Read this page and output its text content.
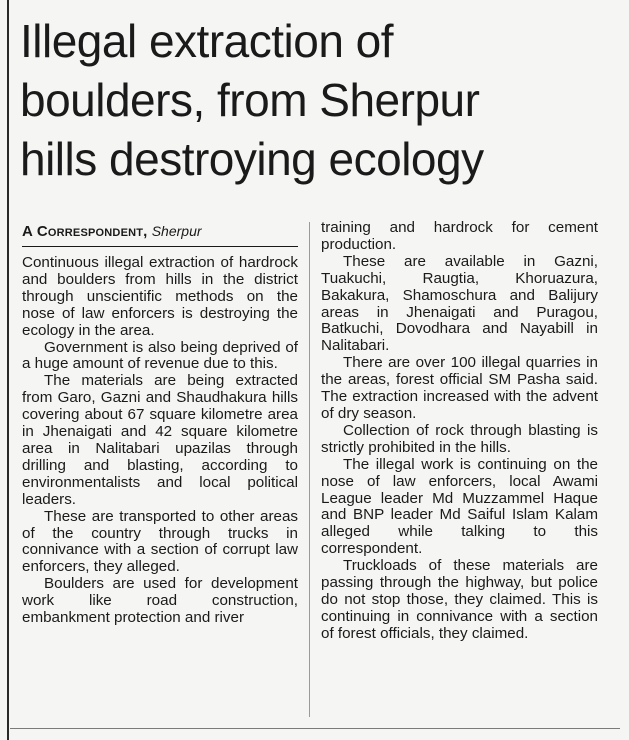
Illegal extraction of
boulders, from Sherpur
hills destroying ecology
A Correspondent, Sherpur

Continuous illegal extraction of hardrock and boulders from hills in the district through unscientific methods on the nose of law enforcers is destroying the ecology in the area.

Government is also being deprived of a huge amount of revenue due to this.

The materials are being extracted from Garo, Gazni and Shaudhakura hills covering about 67 square kilometre area in Jhenaigati and 42 square kilometre area in Nalitabari upazilas through drilling and blasting, according to environmentalists and local political leaders.

These are transported to other areas of the country through trucks in connivance with a section of corrupt law enforcers, they alleged.

Boulders are used for development work like road construction, embankment protection and river

training and hardrock for cement production.

These are available in Gazni, Tuakuchi, Raugtia, Khoruazura, Bakakura, Shamoschura and Balijury areas in Jhenaigati and Puragou, Batkuchi, Dovodhara and Nayabill in Nalitabari.

There are over 100 illegal quarries in the areas, forest official SM Pasha said. The extraction increased with the advent of dry season.

Collection of rock through blasting is strictly prohibited in the hills.

The illegal work is continuing on the nose of law enforcers, local Awami League leader Md Muzzammel Haque and BNP leader Md Saiful Islam Kalam alleged while talking to this correspondent.

Truckloads of these materials are passing through the highway, but police do not stop those, they claimed. This is continuing in connivance with a section of forest officials, they claimed.
